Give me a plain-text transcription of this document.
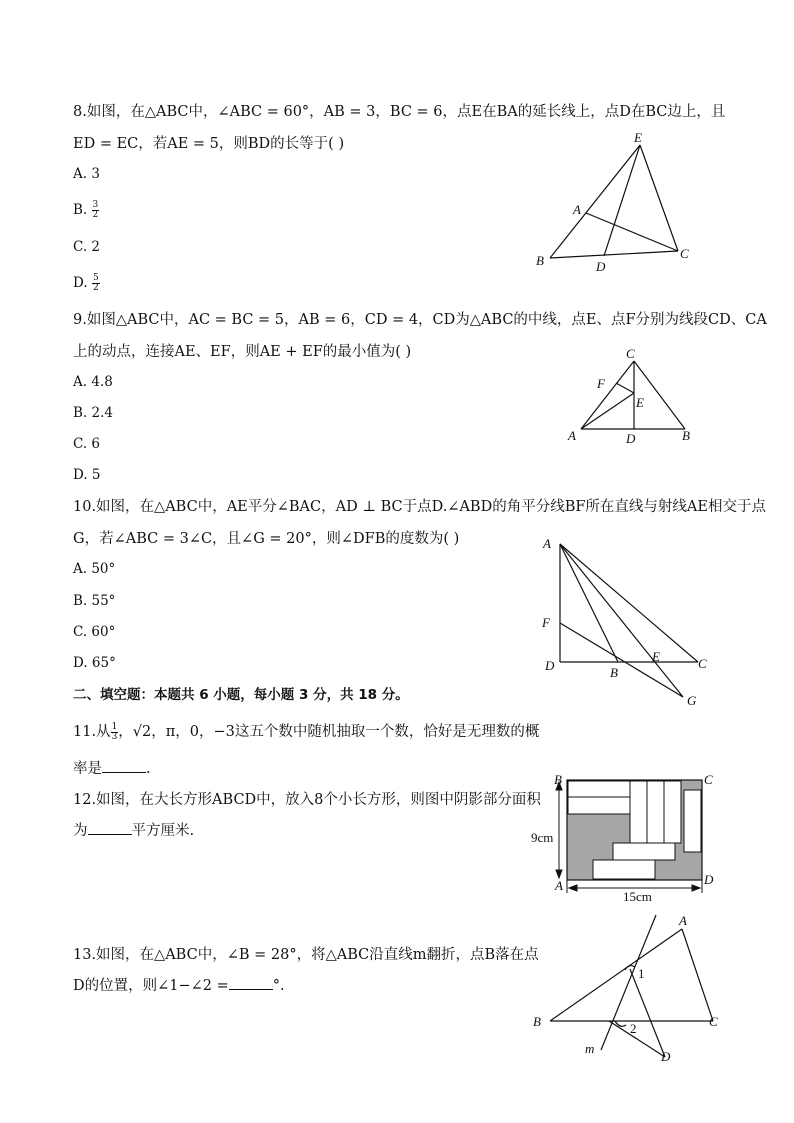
8.如图，在△ABC中，∠ABC = 60°，AB = 3，BC = 6，点E在BA的延长线上，点D在BC边上，且
ED = EC，若AE = 5，则BD的长等于( )
A. 3
B. $\frac{3}{2}$
C. 2
D. $\frac{5}{2}$
E
A
B	D
C
9.如图△ABC中，AC = BC = 5，AB = 6，CD = 4，CD为△ABC的中线，点E、点F分别为线段CD、CA
上的动点，连接AE、EF，则AE + EF的最小值为( )
A. 4.8
B. 2.4
C. 6
D. 5
C
F
E
A	D	B
10.如图，在△ABC中，AE平分∠BAC，AD ⊥ BC于点D.∠ABD的角平分线BF所在直线与射线AE相交于点
G，若∠ABC = 3∠C，且∠G = 20°，则∠DFB的度数为( )
A. 50°
B. 55°
C. 60°
D. 65°
A
F
D	B
E	C
G
二、填空题：本题共 6 小题，每小题 3 分，共 18 分。
11.从 $\frac{1}{3}$ ，√2，π，0，−3这五个数中随机抽取一个数，恰好是无理数的概
率是	.
12.如图，在大长方形ABCD中，放入8个小长方形，则图中阴影部分面积
为	平方厘米.
B	C
A	D
9cm
15cm
13.如图，在△ABC中，∠B = 28°，将△ABC沿直线m翻折，点B落在点
D的位置，则∠1−∠2 =	°.
A
B	C
D
m
1
2
